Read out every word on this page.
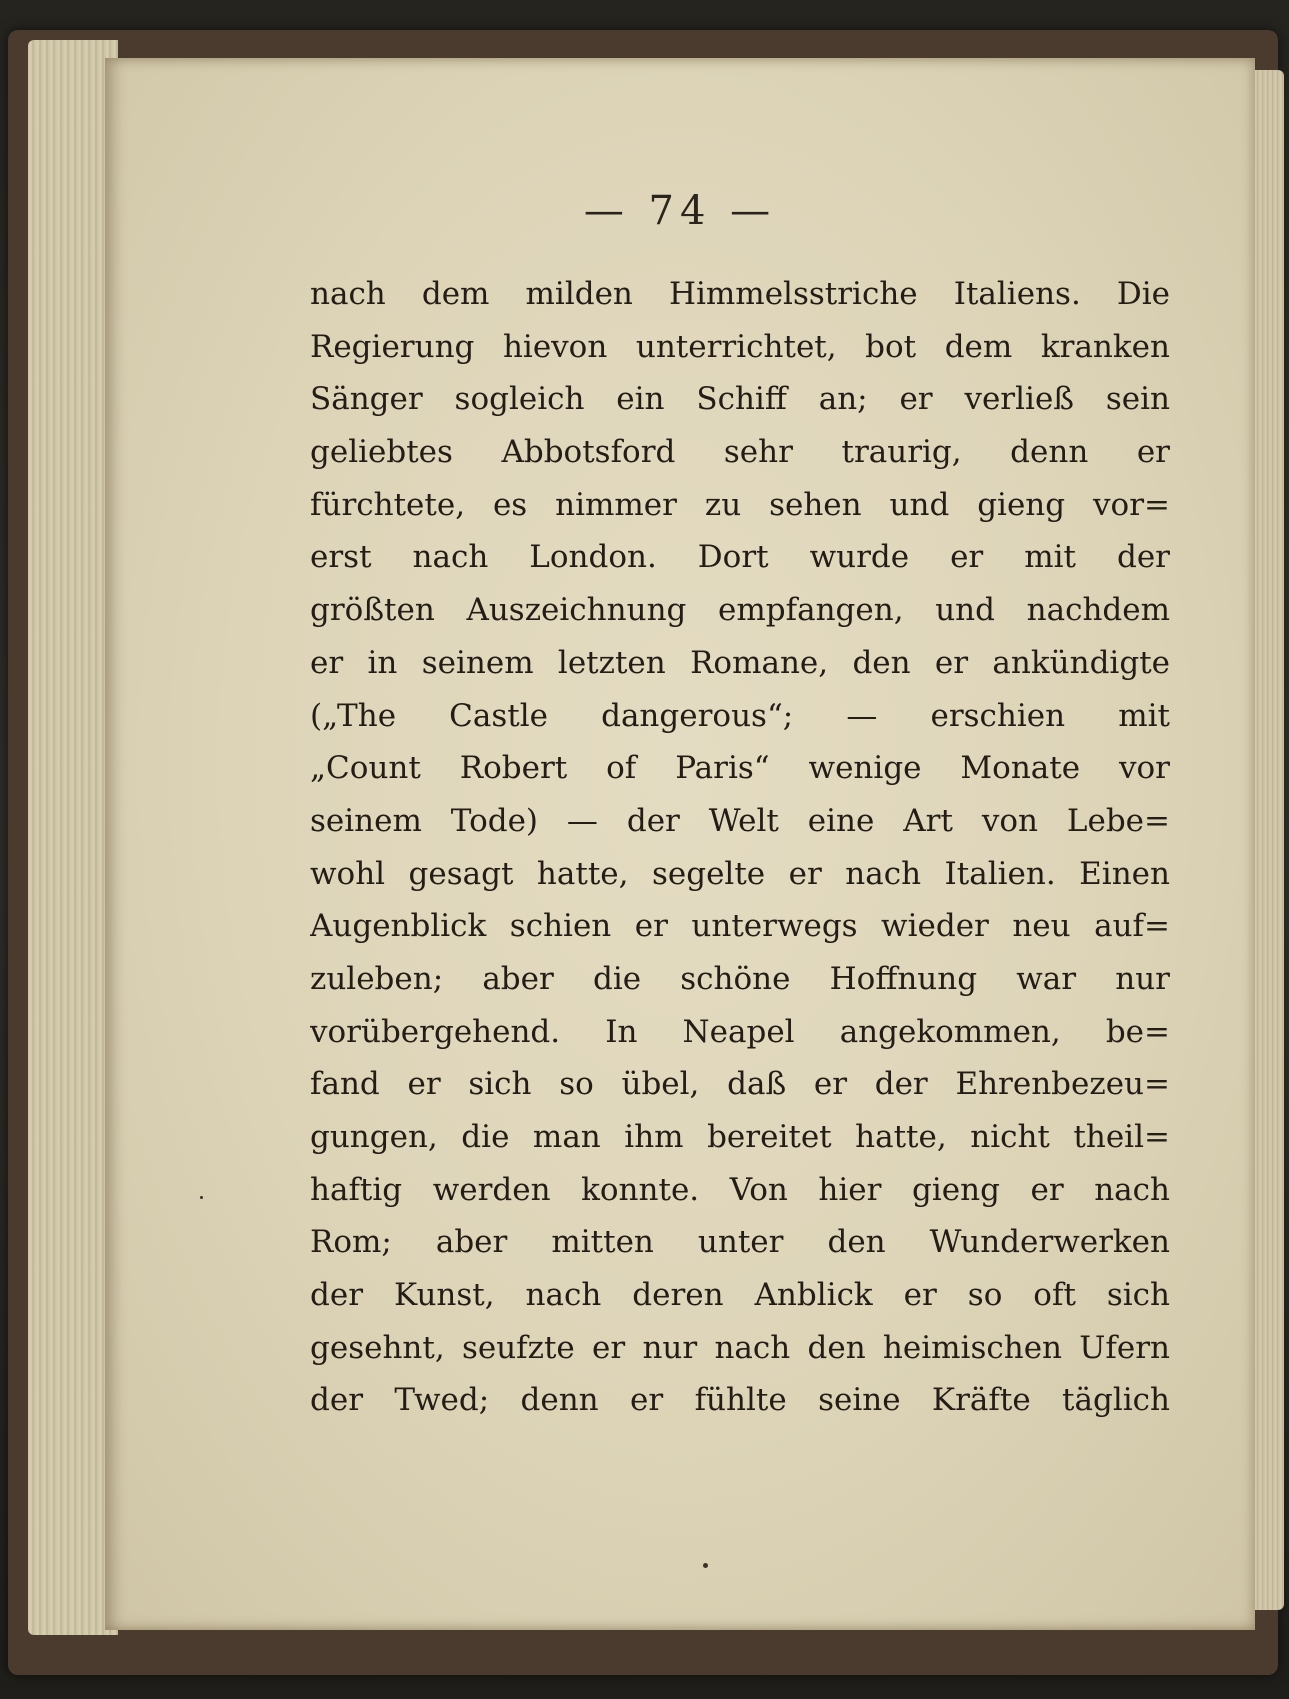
— 74 —
nach dem milden Himmelsstriche Italiens. Die
Regierung hievon unterrichtet, bot dem kranken
Sänger sogleich ein Schiff an; er verließ sein
geliebtes Abbotsford sehr traurig, denn er
fürchtete, es nimmer zu sehen und gieng vor=
erst nach London. Dort wurde er mit der
größten Auszeichnung empfangen, und nachdem
er in seinem letzten Romane, den er ankündigte
(„The Castle dangerous“; — erschien mit
„Count Robert of Paris“ wenige Monate vor
seinem Tode) — der Welt eine Art von Lebe=
wohl gesagt hatte, segelte er nach Italien. Einen
Augenblick schien er unterwegs wieder neu auf=
zuleben; aber die schöne Hoffnung war nur
vorübergehend. In Neapel angekommen, be=
fand er sich so übel, daß er der Ehrenbezeu=
gungen, die man ihm bereitet hatte, nicht theil=
haftig werden konnte. Von hier gieng er nach
Rom; aber mitten unter den Wunderwerken
der Kunst, nach deren Anblick er so oft sich
gesehnt, seufzte er nur nach den heimischen Ufern
der Twed; denn er fühlte seine Kräfte täglich
